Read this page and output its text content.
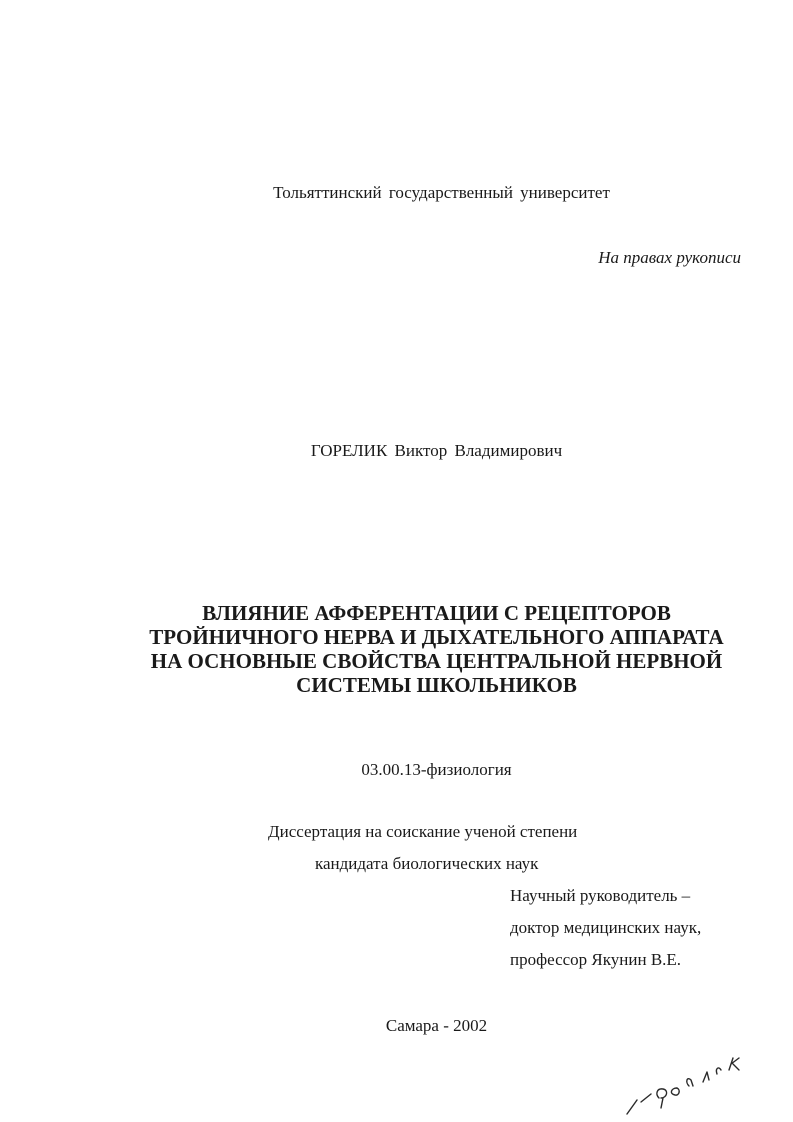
Тольяттинский государственный университет
На правах рукописи
ГОРЕЛИК Виктор Владимирович
ВЛИЯНИЕ АФФЕРЕНТАЦИИ С РЕЦЕПТОРОВ
ТРОЙНИЧНОГО НЕРВА И ДЫХАТЕЛЬНОГО АППАРАТА
НА ОСНОВНЫЕ СВОЙСТВА ЦЕНТРАЛЬНОЙ НЕРВНОЙ
СИСТЕМЫ ШКОЛЬНИКОВ
03.00.13-физиология
Диссертация на соискание ученой степени
кандидата биологических наук
Научный руководитель –
доктор медицинских наук,
профессор Якунин В.Е.
Самара - 2002
